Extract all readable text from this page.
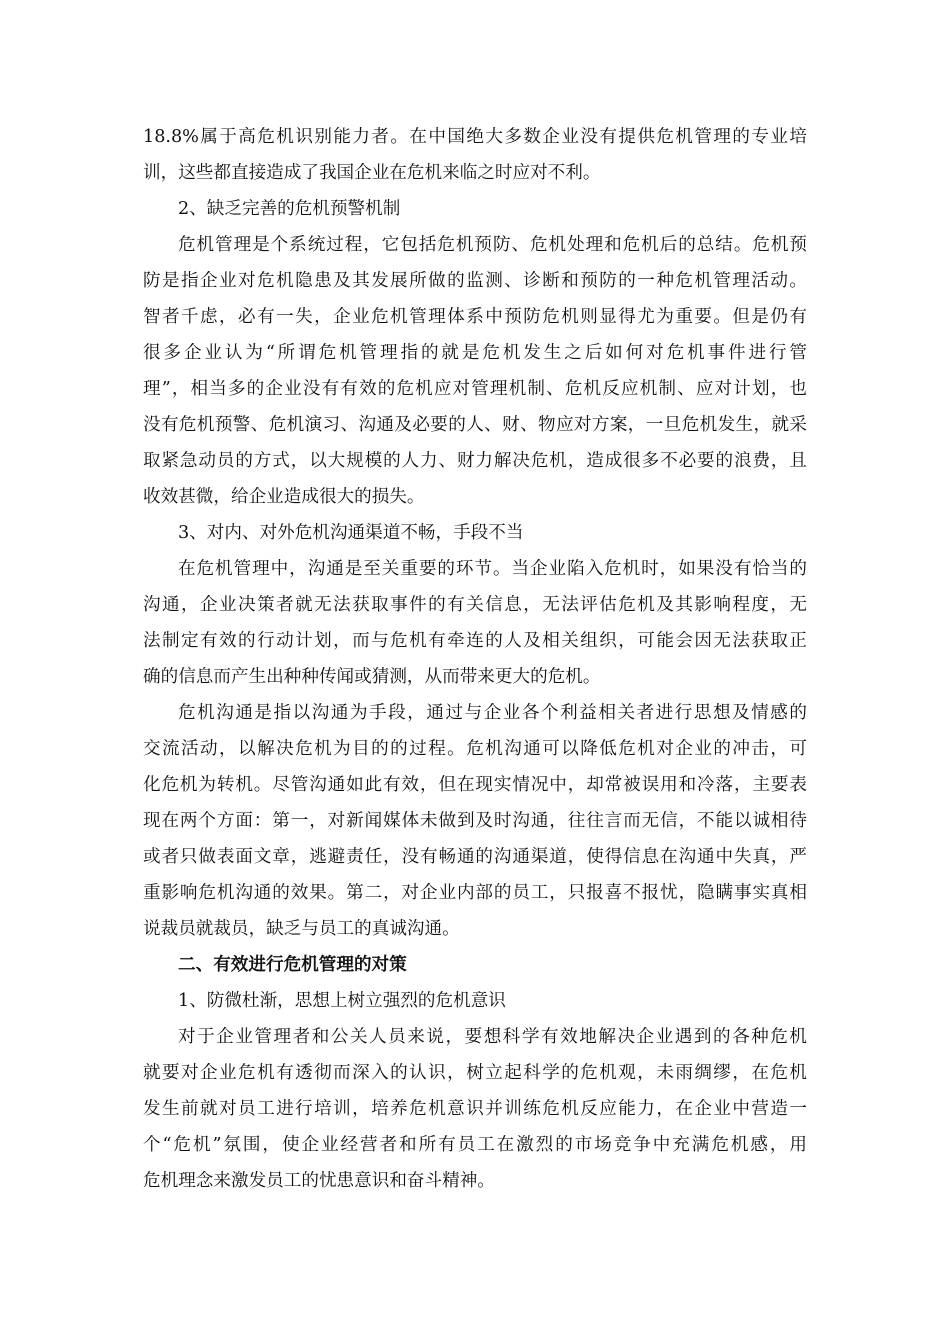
18.8%属于高危机识别能力者。在中国绝大多数企业没有提供危机管理的专业培
训，这些都直接造成了我国企业在危机来临之时应对不利。
2、缺乏完善的危机预警机制
危机管理是个系统过程，它包括危机预防、危机处理和危机后的总结。危机预
防是指企业对危机隐患及其发展所做的监测、诊断和预防的一种危机管理活动。
智者千虑，必有一失，企业危机管理体系中预防危机则显得尤为重要。但是仍有
很多企业认为“所谓危机管理指的就是危机发生之后如何对危机事件进行管
理”，相当多的企业没有有效的危机应对管理机制、危机反应机制、应对计划，也
没有危机预警、危机演习、沟通及必要的人、财、物应对方案，一旦危机发生，就采
取紧急动员的方式，以大规模的人力、财力解决危机，造成很多不必要的浪费，且
收效甚微，给企业造成很大的损失。
3、对内、对外危机沟通渠道不畅，手段不当
在危机管理中，沟通是至关重要的环节。当企业陷入危机时，如果没有恰当的
沟通，企业决策者就无法获取事件的有关信息，无法评估危机及其影响程度，无
法制定有效的行动计划，而与危机有牵连的人及相关组织，可能会因无法获取正
确的信息而产生出种种传闻或猜测，从而带来更大的危机。
危机沟通是指以沟通为手段，通过与企业各个利益相关者进行思想及情感的
交流活动，以解决危机为目的的过程。危机沟通可以降低危机对企业的冲击，可
化危机为转机。尽管沟通如此有效，但在现实情况中，却常被误用和冷落，主要表
现在两个方面：第一，对新闻媒体未做到及时沟通，往往言而无信，不能以诚相待
或者只做表面文章，逃避责任，没有畅通的沟通渠道，使得信息在沟通中失真，严
重影响危机沟通的效果。第二，对企业内部的员工，只报喜不报忧，隐瞒事实真相
说裁员就裁员，缺乏与员工的真诚沟通。
二、有效进行危机管理的对策
1、防微杜渐，思想上树立强烈的危机意识
对于企业管理者和公关人员来说，要想科学有效地解决企业遇到的各种危机
就要对企业危机有透彻而深入的认识，树立起科学的危机观，未雨绸缪，在危机
发生前就对员工进行培训，培养危机意识并训练危机反应能力，在企业中营造一
个“危机”氛围，使企业经营者和所有员工在激烈的市场竞争中充满危机感，用
危机理念来激发员工的忧患意识和奋斗精神。
